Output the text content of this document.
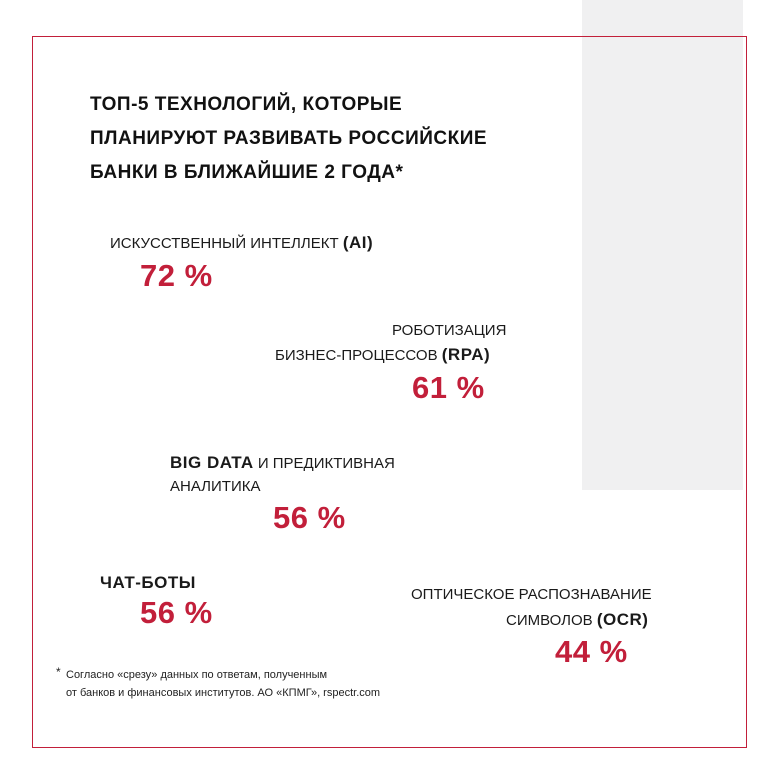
ТОП-5 ТЕХНОЛОГИЙ, КОТОРЫЕ
ПЛАНИРУЮТ РАЗВИВАТЬ РОССИЙСКИЕ
БАНКИ В БЛИЖАЙШИЕ 2 ГОДА*
ИСКУССТВЕННЫЙ ИНТЕЛЛЕКТ (AI)
72 %
РОБОТИЗАЦИЯ
БИЗНЕС-ПРОЦЕССОВ (RPA)
61 %
BIG DATA И ПРЕДИКТИВНАЯ
АНАЛИТИКА
56 %
ЧАТ-БОТЫ
56 %
ОПТИЧЕСКОЕ РАСПОЗНАВАНИЕ
СИМВОЛОВ (OCR)
44 %
* Согласно «срезу» данных по ответам, полученным
от банков и финансовых институтов. АО «КПМГ», rspectr.com
